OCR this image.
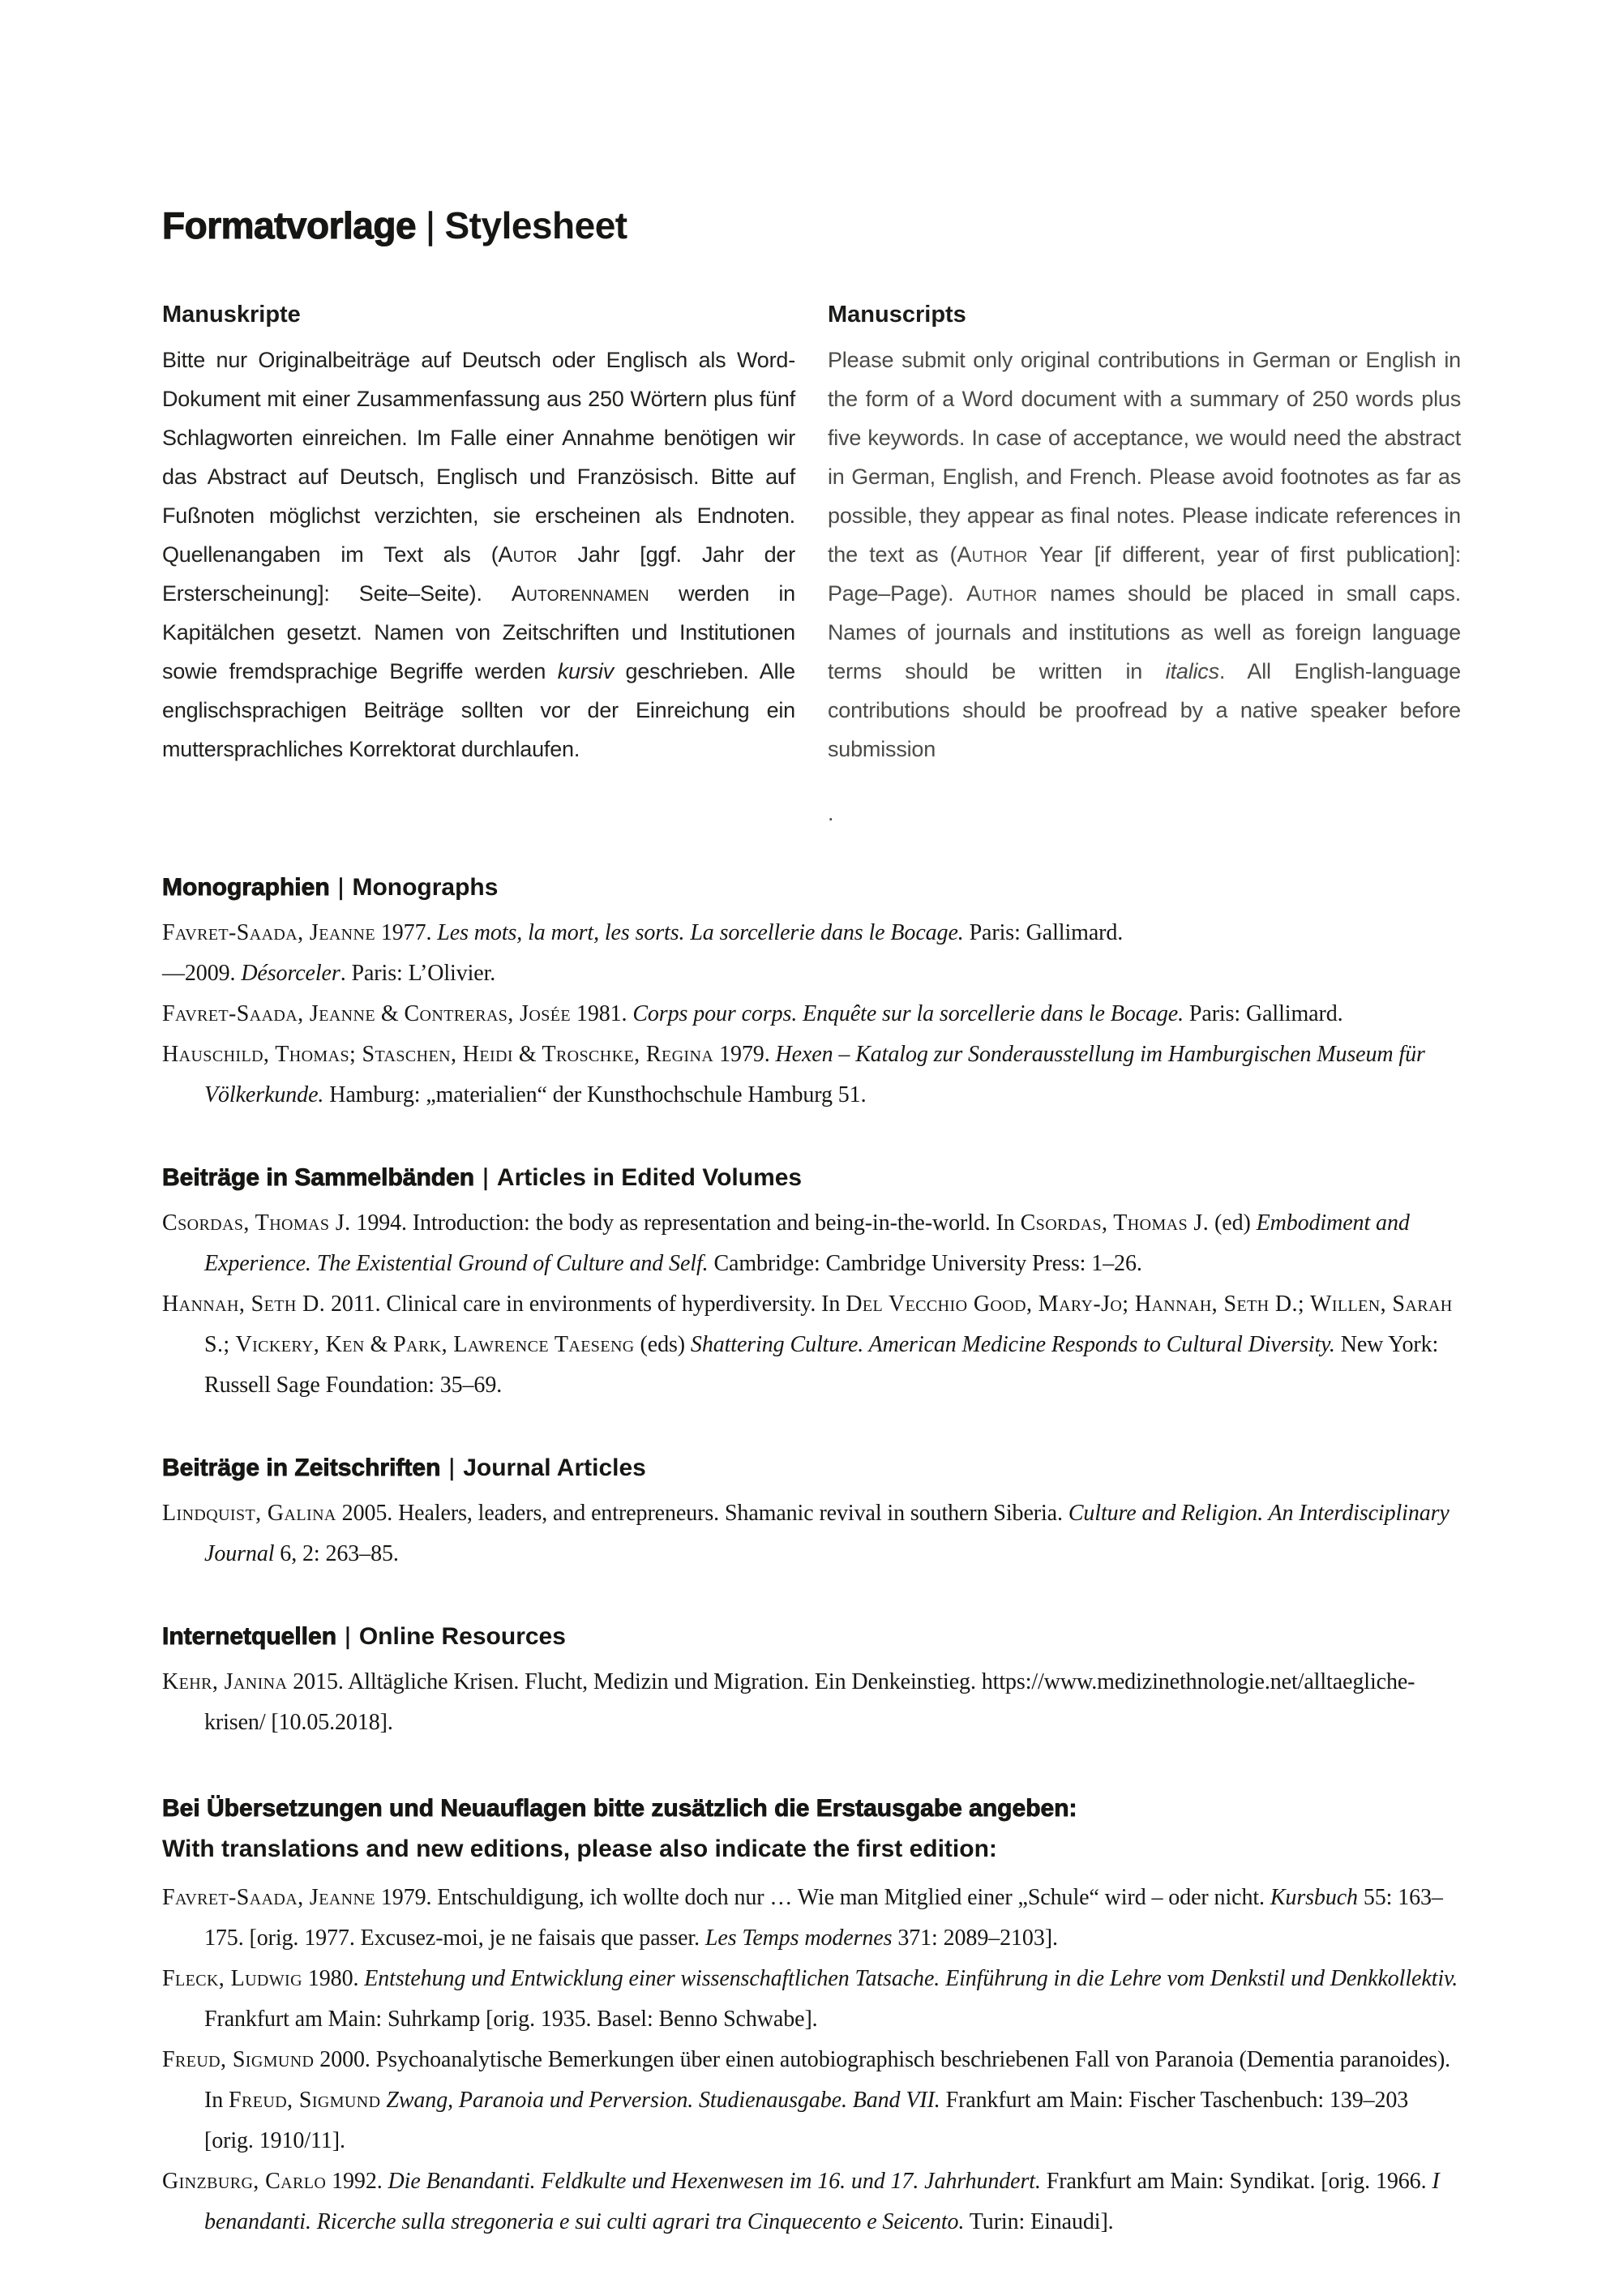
Formatvorlage | Stylesheet
Manuskripte

Bitte nur Originalbeiträge auf Deutsch oder Englisch als Word-Dokument mit einer Zusammenfassung aus 250 Wörtern plus fünf Schlagworten einreichen. Im Falle einer Annahme benötigen wir das Abstract auf Deutsch, Englisch und Französisch. Bitte auf Fußnoten möglichst verzichten, sie erscheinen als Endnoten. Quellenangaben im Text als (Autor Jahr [ggf. Jahr der Ersterscheinung]: Seite–Seite). Autorennamen werden in Kapitälchen gesetzt. Namen von Zeitschriften und Institutionen sowie fremdsprachige Begriffe werden kursiv geschrieben. Alle englischsprachigen Beiträge sollten vor der Einreichung ein muttersprachliches Korrektorat durchlaufen.

Manuscripts

Please submit only original contributions in German or English in the form of a Word document with a summary of 250 words plus five keywords. In case of acceptance, we would need the abstract in German, English, and French. Please avoid footnotes as far as possible, they appear as final notes. Please indicate references in the text as (Author Year [if different, year of first publication]: Page–Page). Author names should be placed in small caps. Names of journals and institutions as well as foreign language terms should be written in italics. All English-language contributions should be proofread by a native speaker before submission

.

Monographien | Monographs

Favret-Saada, Jeanne 1977. Les mots, la mort, les sorts. La sorcellerie dans le Bocage. Paris: Gallimard.

—2009. Désorceler. Paris: L’Olivier.

Favret-Saada, Jeanne & Contreras, Josée 1981. Corps pour corps. Enquête sur la sorcellerie dans le Bocage. Paris: Gallimard.

Hauschild, Thomas; Staschen, Heidi & Troschke, Regina 1979. Hexen – Katalog zur Sonderausstellung im Hamburgischen Museum für Völkerkunde. Hamburg: „materialien“ der Kunsthochschule Hamburg 51.

Beiträge in Sammelbänden | Articles in Edited Volumes

Csordas, Thomas J. 1994. Introduction: the body as representation and being-in-the-world. In Csordas, Thomas J. (ed) Embodiment and Experience. The Existential Ground of Culture and Self. Cambridge: Cambridge University Press: 1–26.

Hannah, Seth D. 2011. Clinical care in environments of hyperdiversity. In Del Vecchio Good, Mary-Jo; Hannah, Seth D.; Willen, Sarah S.; Vickery, Ken & Park, Lawrence Taeseng (eds) Shattering Culture. American Medicine Responds to Cultural Diversity. New York: Russell Sage Foundation: 35–69.

Beiträge in Zeitschriften | Journal Articles

Lindquist, Galina 2005. Healers, leaders, and entrepreneurs. Shamanic revival in southern Siberia. Culture and Religion. An Interdisciplinary Journal 6, 2: 263–85.

Internetquellen | Online Resources

Kehr, Janina 2015. Alltägliche Krisen. Flucht, Medizin und Migration. Ein Denkeinstieg. https://www.medizinethnologie.net/alltaegliche-krisen/ [10.05.2018].

Bei Übersetzungen und Neuauflagen bitte zusätzlich die Erstausgabe angeben:
With translations and new editions, please also indicate the first edition:

Favret-Saada, Jeanne 1979. Entschuldigung, ich wollte doch nur … Wie man Mitglied einer „Schule“ wird – oder nicht. Kursbuch 55: 163–175. [orig. 1977. Excusez-moi, je ne faisais que passer. Les Temps modernes 371: 2089–2103].

Fleck, Ludwig 1980. Entstehung und Entwicklung einer wissenschaftlichen Tatsache. Einführung in die Lehre vom Denkstil und Denkkollektiv. Frankfurt am Main: Suhrkamp [orig. 1935. Basel: Benno Schwabe].

Freud, Sigmund 2000. Psychoanalytische Bemerkungen über einen autobiographisch beschriebenen Fall von Paranoia (Dementia paranoides). In Freud, Sigmund Zwang, Paranoia und Perversion. Studienausgabe. Band VII. Frankfurt am Main: Fischer Taschenbuch: 139–203 [orig. 1910/11].

Ginzburg, Carlo 1992. Die Benandanti. Feldkulte und Hexenwesen im 16. und 17. Jahrhundert. Frankfurt am Main: Syndikat. [orig. 1966. I benandanti. Ricerche sulla stregoneria e sui culti agrari tra Cinquecento e Seicento. Turin: Einaudi].
